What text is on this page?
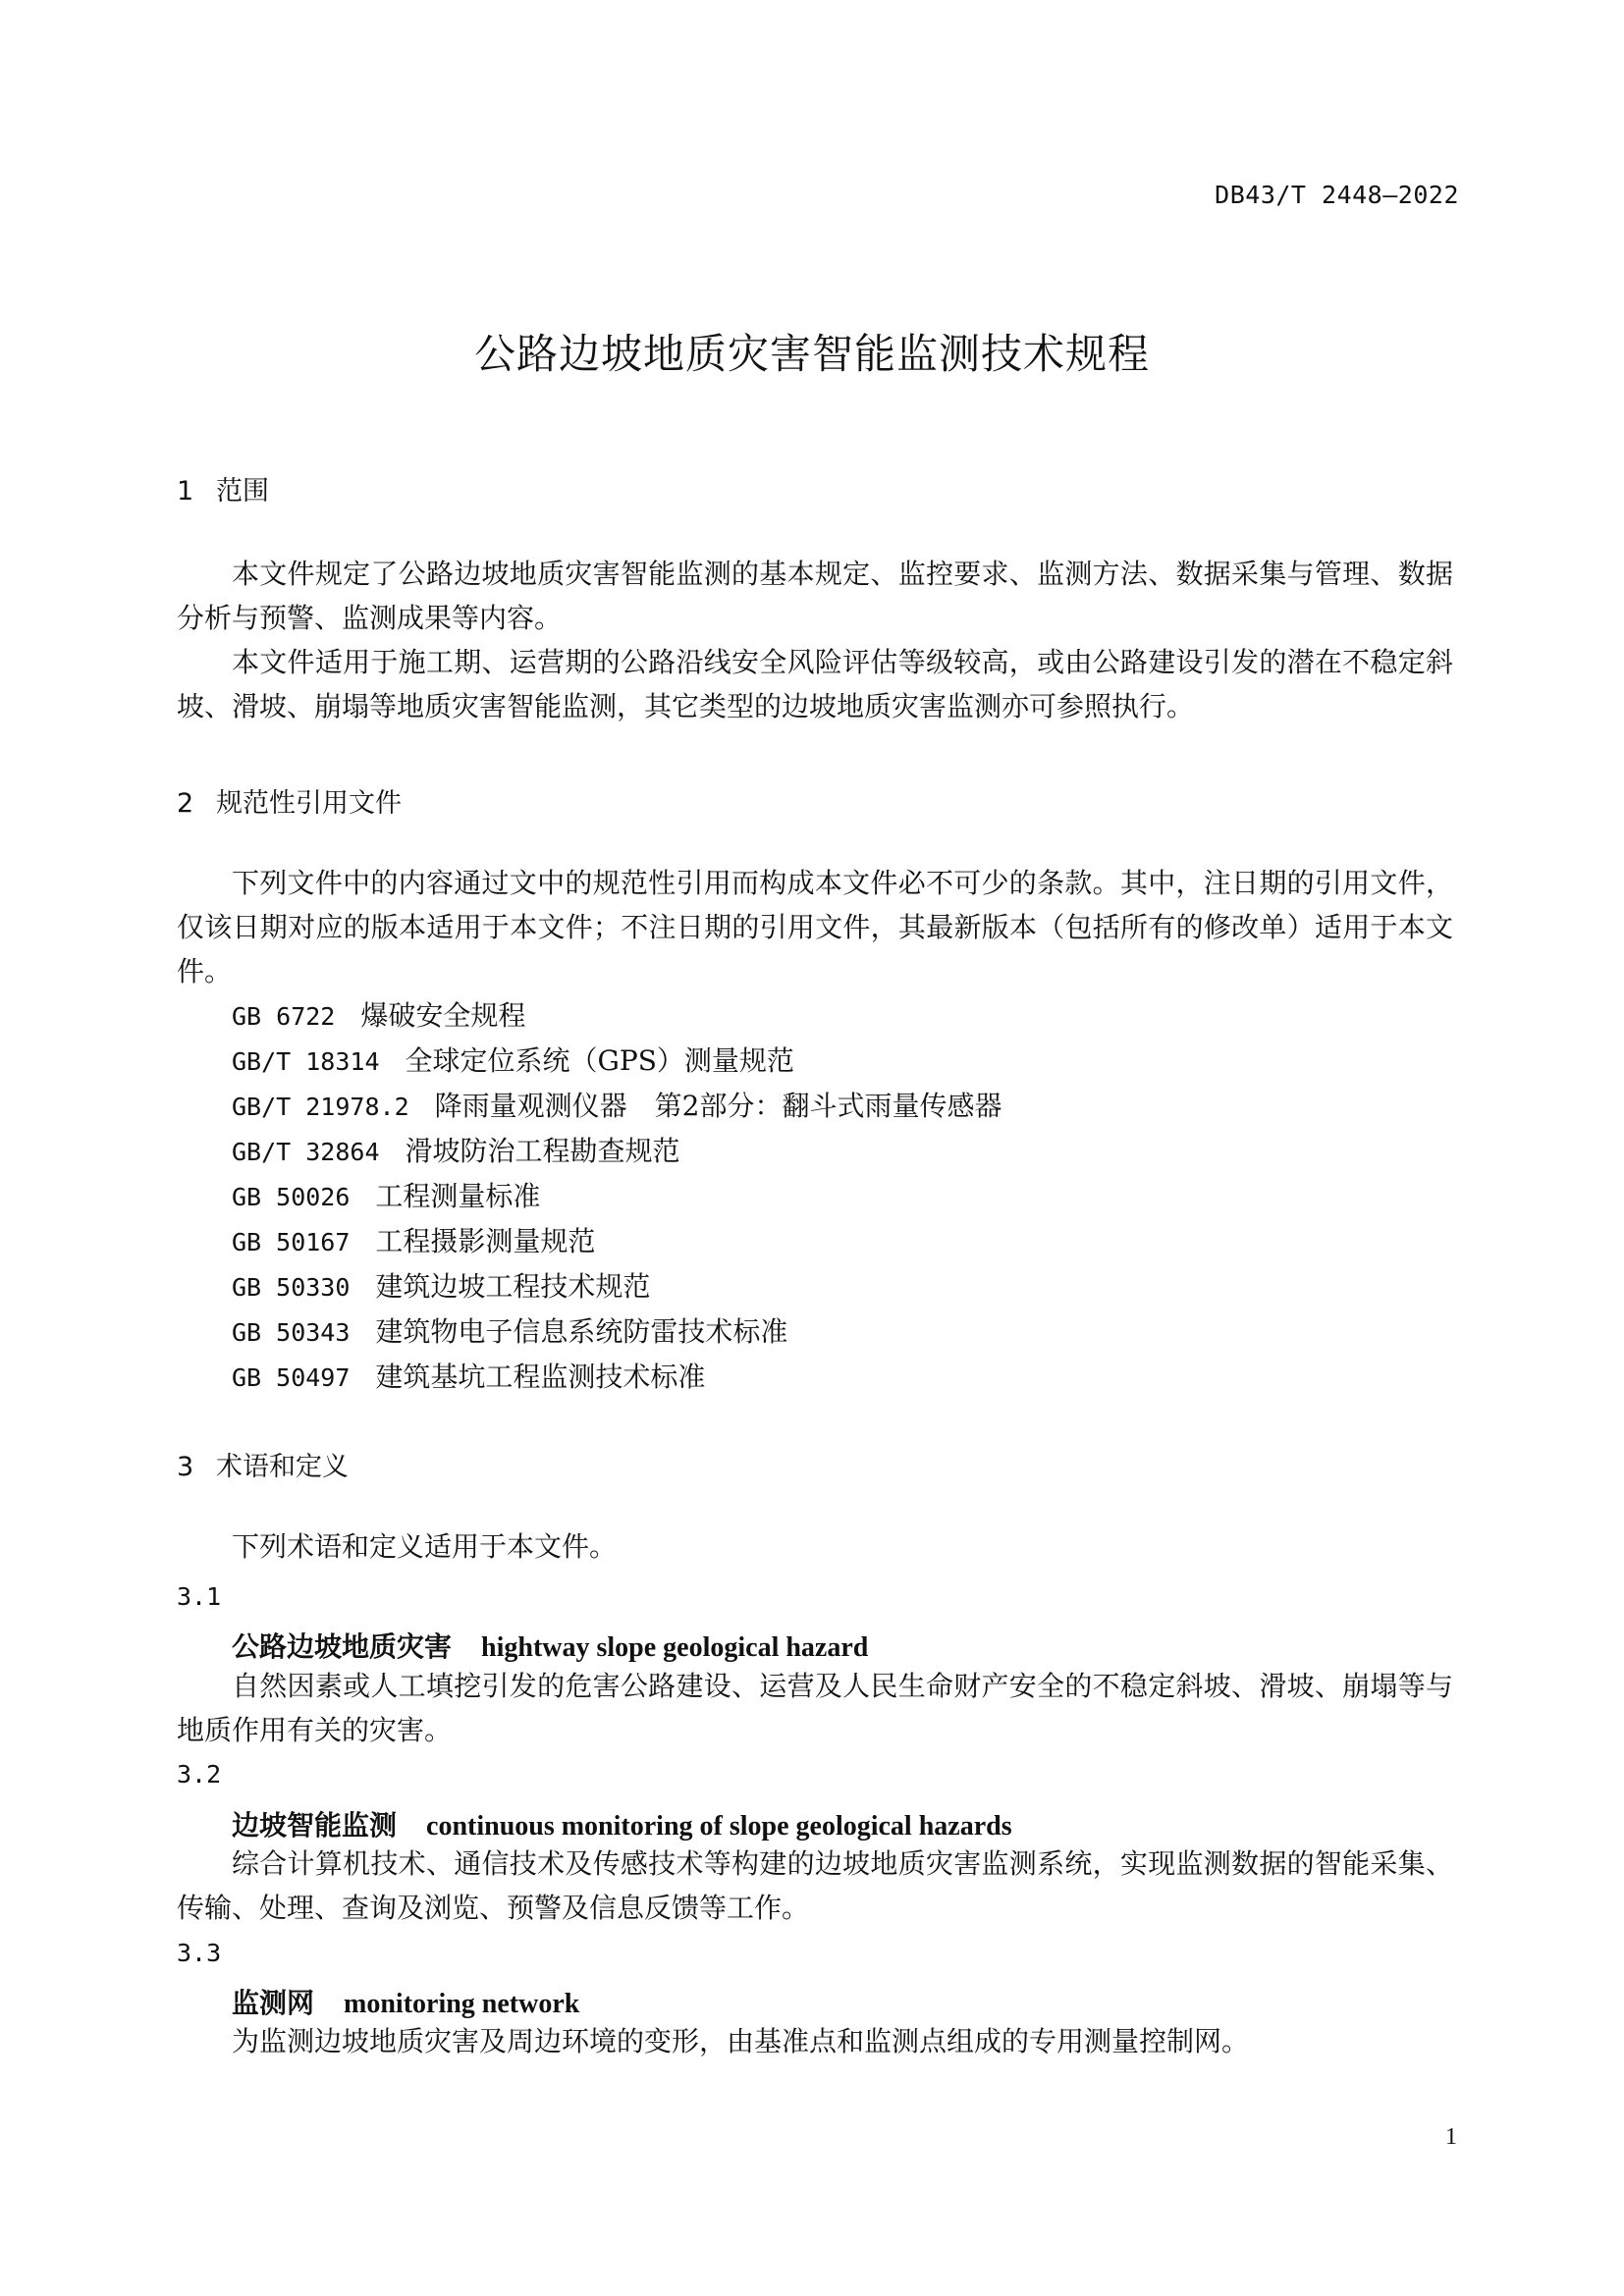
DB43/T 2448—2022
公路边坡地质灾害智能监测技术规程
1 范围

本文件规定了公路边坡地质灾害智能监测的基本规定、监控要求、监测方法、数据采集与管理、数据分析与预警、监测成果等内容。

本文件适用于施工期、运营期的公路沿线安全风险评估等级较高，或由公路建设引发的潜在不稳定斜坡、滑坡、崩塌等地质灾害智能监测，其它类型的边坡地质灾害监测亦可参照执行。

2 规范性引用文件

下列文件中的内容通过文中的规范性引用而构成本文件必不可少的条款。其中，注日期的引用文件，仅该日期对应的版本适用于本文件；不注日期的引用文件，其最新版本（包括所有的修改单）适用于本文件。

GB 6722 爆破安全规程
GB/T 18314 全球定位系统（GPS）测量规范
GB/T 21978.2 降雨量观测仪器　第2部分：翻斗式雨量传感器
GB/T 32864 滑坡防治工程勘查规范
GB 50026 工程测量标准
GB 50167 工程摄影测量规范
GB 50330 建筑边坡工程技术规范
GB 50343 建筑物电子信息系统防雷技术标准
GB 50497 建筑基坑工程监测技术标准
3 术语和定义

下列术语和定义适用于本文件。

3.1
公路边坡地质灾害 hightway slope geological hazard

自然因素或人工填挖引发的危害公路建设、运营及人民生命财产安全的不稳定斜坡、滑坡、崩塌等与地质作用有关的灾害。

3.2
边坡智能监测 continuous monitoring of slope geological hazards

综合计算机技术、通信技术及传感技术等构建的边坡地质灾害监测系统，实现监测数据的智能采集、传输、处理、查询及浏览、预警及信息反馈等工作。

3.3
监测网 monitoring network

为监测边坡地质灾害及周边环境的变形，由基准点和监测点组成的专用测量控制网。

1
